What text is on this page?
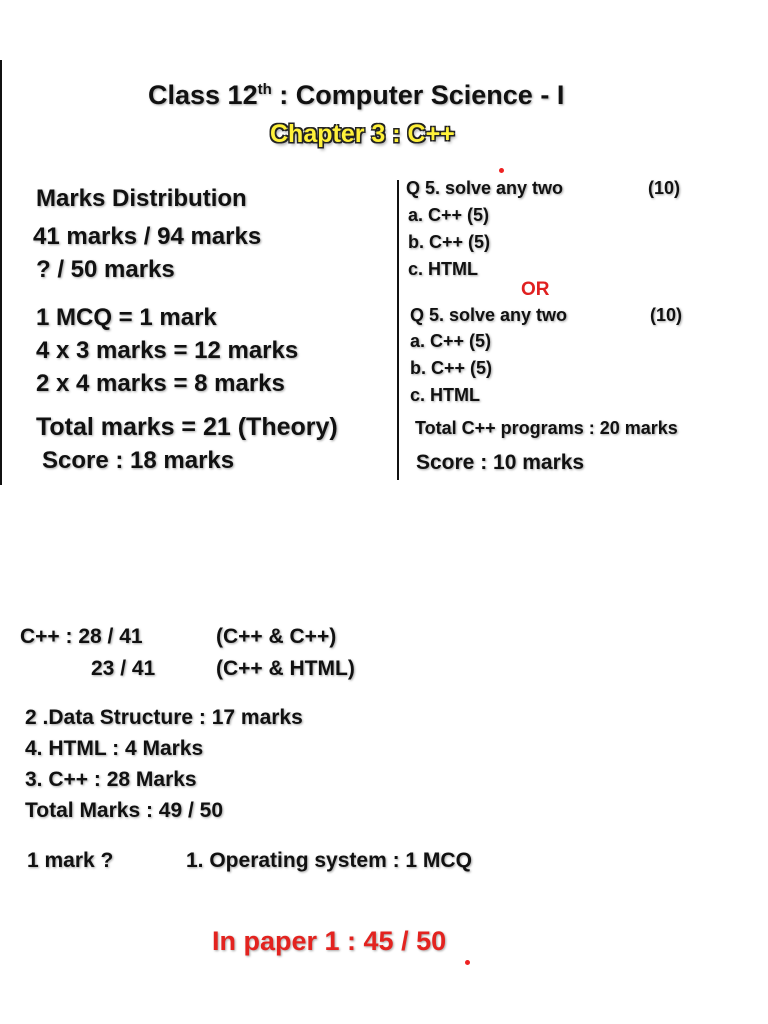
Class 12th : Computer Science - I
Chapter 3 : C++
Marks Distribution
41 marks / 94 marks
? / 50 marks
1 MCQ = 1 mark
4 x 3 marks = 12 marks
2 x 4 marks = 8 marks
Total marks = 21 (Theory)
Score : 18 marks
Q 5. solve any two	(10)
a. C++ (5)
b. C++ (5)
c. HTML
OR
Q 5. solve any two	(10)
a. C++ (5)
b. C++ (5)
c. HTML
Total C++ programs : 20 marks
Score : 10 marks
C++ : 28 / 41	(C++ & C++)
23 / 41	(C++ & HTML)
2 .Data Structure : 17 marks
4. HTML : 4 Marks
3. C++ : 28 Marks
Total Marks : 49 / 50
1 mark ?	1. Operating system : 1 MCQ
In paper 1 : 45 / 50
